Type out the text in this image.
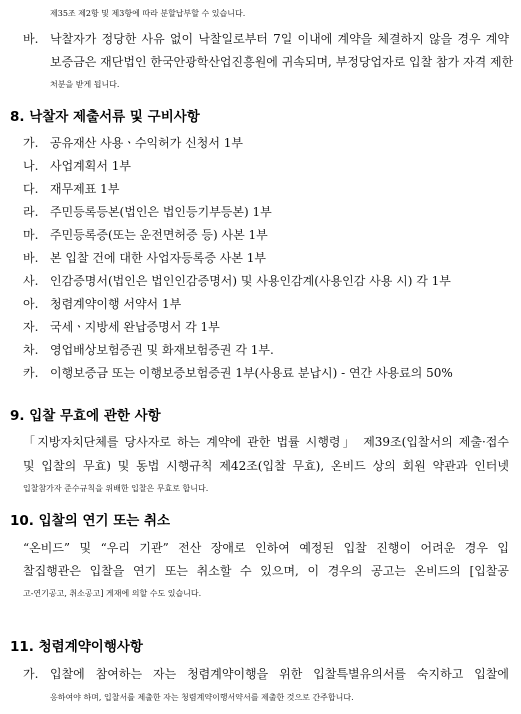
제35조 제2항 및 제3항에 따라 분할납부할 수 있습니다.
바. 낙찰자가 정당한 사유 없이 낙찰일로부터 7일 이내에 계약을 체결하지 않을 경우 계약
보증금은 재단법인 한국안광학산업진흥원에 귀속되며, 부정당업자로 입찰 참가 자격 제한
처분을 받게 됩니다.
8. 낙찰자 제출서류 및 구비사항
가. 공유재산 사용ㆍ수익허가 신청서 1부
나. 사업계획서 1부
다. 재무제표 1부
라. 주민등록등본(법인은 법인등기부등본) 1부
마. 주민등록증(또는 운전면허증 등) 사본 1부
바. 본 입찰 건에 대한 사업자등록증 사본 1부
사. 인감증명서(법인은 법인인감증명서) 및 사용인감계(사용인감 사용 시) 각 1부
아. 청렴계약이행 서약서 1부
자. 국세ㆍ지방세 완납증명서 각 1부
차. 영업배상보험증권 및 화재보험증권 각 1부.
카. 이행보증금 또는 이행보증보험증권 1부(사용료 분납시) - 연간 사용료의 50%
9. 입찰 무효에 관한 사항
「지방자치단체를 당사자로 하는 계약에 관한 법률 시행령」 제39조(입찰서의 제출·접수
및 입찰의 무효) 및 동법 시행규칙 제42조(입찰 무효), 온비드 상의 회원 약관과 인터넷
입찰참가자 준수규칙을 위배한 입찰은 무효로 합니다.
10. 입찰의 연기 또는 취소
“온비드” 및 “우리 기관” 전산 장애로 인하여 예정된 입찰 진행이 어려운 경우 입
찰집행관은 입찰을 연기 또는 취소할 수 있으며, 이 경우의 공고는 온비드의 [입찰공
고-연기공고, 취소공고] 게재에 의할 수도 있습니다.
11. 청렴계약이행사항
가. 입찰에 참여하는 자는 청렴계약이행을 위한 입찰특별유의서를 숙지하고 입찰에
응하여야 하며, 입찰서를 제출한 자는 청렴계약이행서약서를 제출한 것으로 간주합니다.
